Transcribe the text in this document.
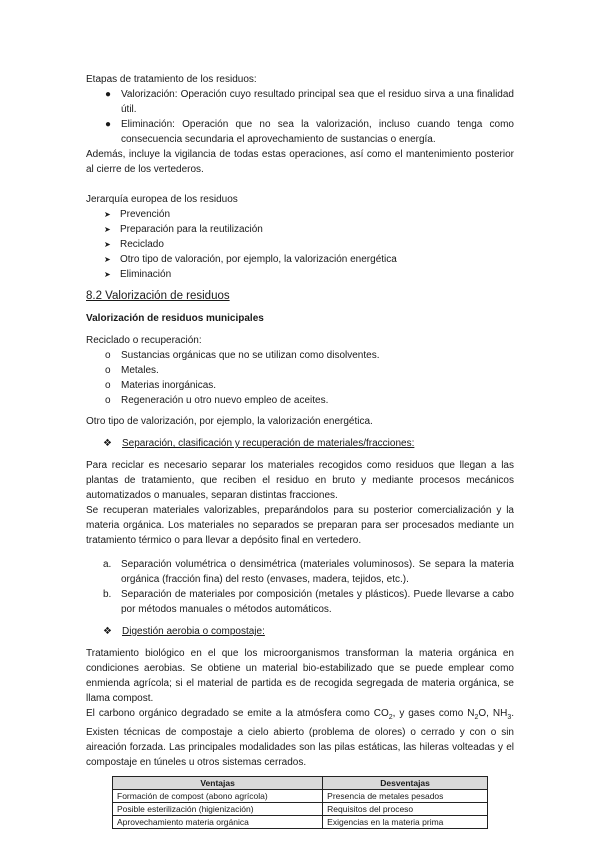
Etapas de tratamiento de los residuos:

● Valorización: Operación cuyo resultado principal sea que el residuo sirva a una finalidad útil.
● Eliminación: Operación que no sea la valorización, incluso cuando tenga como consecuencia secundaria el aprovechamiento de sustancias o energía.

Además, incluye la vigilancia de todas estas operaciones, así como el mantenimiento posterior al cierre de los vertederos.

Jerarquía europea de los residuos

➤ Prevención
➤ Preparación para la reutilización
➤ Reciclado
➤ Otro tipo de valoración, por ejemplo, la valorización energética
➤ Eliminación

8.2 Valorización de residuos

Valorización de residuos municipales

Reciclado o recuperación:

o Sustancias orgánicas que no se utilizan como disolventes.
o Metales.
o Materias inorgánicas.
o Regeneración u otro nuevo empleo de aceites.

Otro tipo de valorización, por ejemplo, la valorización energética.

❖ Separación, clasificación y recuperación de materiales/fracciones:

Para reciclar es necesario separar los materiales recogidos como residuos que llegan a las plantas de tratamiento, que reciben el residuo en bruto y mediante procesos mecánicos automatizados o manuales, separan distintas fracciones.

Se recuperan materiales valorizables, preparándolos para su posterior comercialización y la materia orgánica. Los materiales no separados se preparan para ser procesados mediante un tratamiento térmico o para llevar a depósito final en vertedero.

a. Separación volumétrica o densimétrica (materiales voluminosos). Se separa la materia orgánica (fracción fina) del resto (envases, madera, tejidos, etc.).
b. Separación de materiales por composición (metales y plásticos). Puede llevarse a cabo por métodos manuales o métodos automáticos.

❖ Digestión aerobia o compostaje:

Tratamiento biológico en el que los microorganismos transforman la materia orgánica en condiciones aerobias. Se obtiene un material bio-estabilizado que se puede emplear como enmienda agrícola; si el material de partida es de recogida segregada de materia orgánica, se llama compost.

El carbono orgánico degradado se emite a la atmósfera como $CO_2$, y gases como $N_2O$, $NH_3$. Existen técnicas de compostaje a cielo abierto (problema de olores) o cerrado y con o sin aireación forzada. Las principales modalidades son las pilas estáticas, las hileras volteadas y el compostaje en túneles u otros sistemas cerrados.

Ventajas	Desventajas
Formación de compost (abono agrícola)	Presencia de metales pesados
Posible esterilización (higienización)	Requisitos del proceso
Aprovechamiento materia orgánica	Exigencias en la materia prima
